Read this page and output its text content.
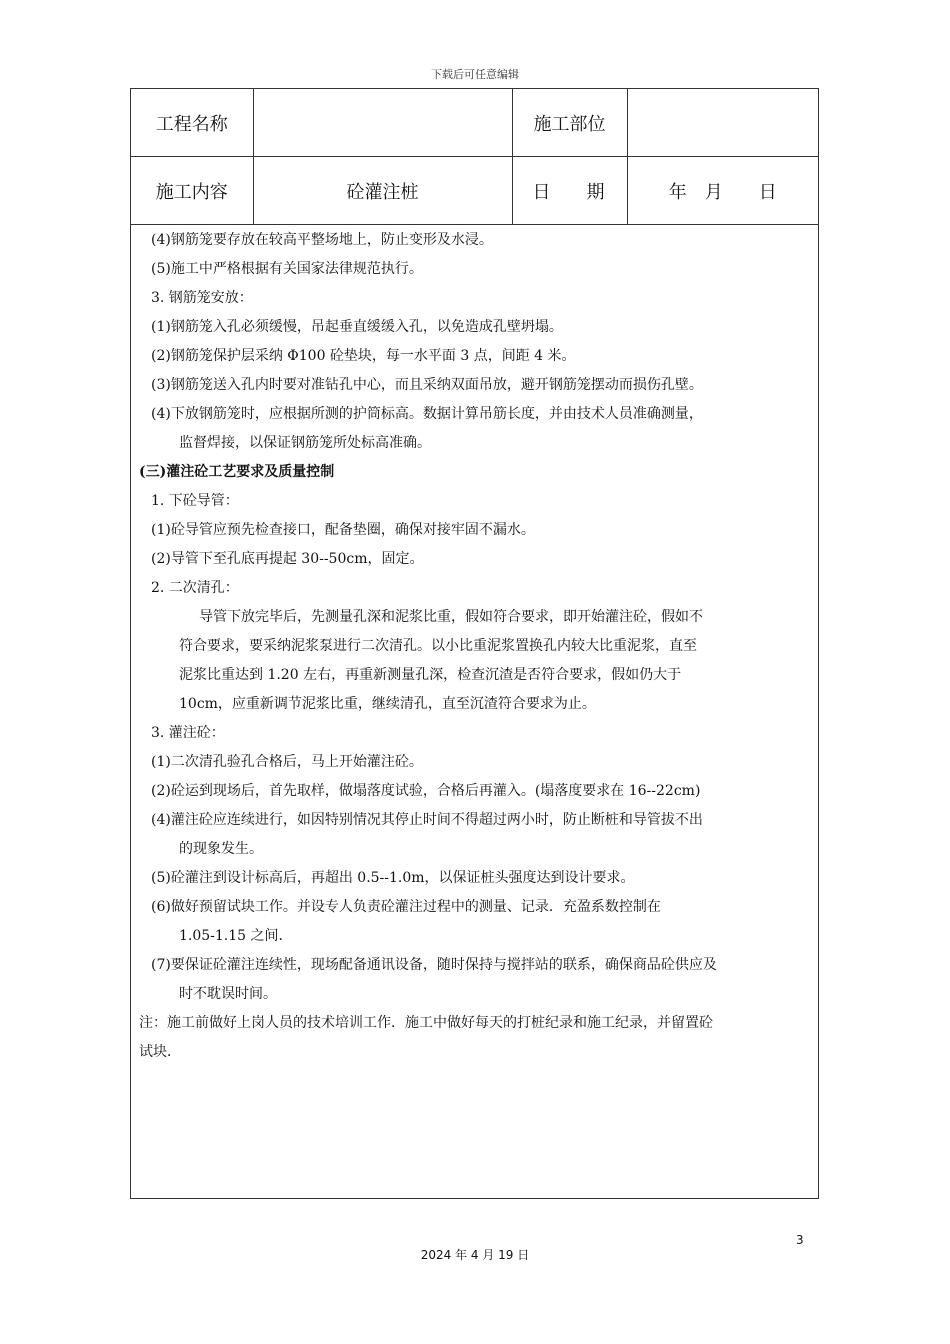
下载后可任意编辑
工程名称		施工部位	
施工内容	砼灌注桩	日　　期	年　月　　日
(4)钢筋笼要存放在较高平整场地上，防止变形及水浸。
(5)施工中严格根据有关国家法律规范执行。
3. 钢筋笼安放：
(1)钢筋笼入孔必须缓慢，吊起垂直缓缓入孔，以免造成孔壁坍塌。
(2)钢筋笼保护层采纳 Φ100 砼垫块，每一水平面 3 点，间距 4 米。
(3)钢筋笼送入孔内时要对准钻孔中心，而且采纳双面吊放，避开钢筋笼摆动而损伤孔壁。
(4)下放钢筋笼时，应根据所测的护筒标高。数据计算吊筋长度，并由技术人员准确测量，
监督焊接，以保证钢筋笼所处标高准确。
(三)灌注砼工艺要求及质量控制
1. 下砼导管：
(1)砼导管应预先检查接口，配备垫圈，确保对接牢固不漏水。
(2)导管下至孔底再提起 30--50cm，固定。
2. 二次清孔：
导管下放完毕后，先测量孔深和泥浆比重，假如符合要求，即开始灌注砼，假如不
符合要求，要采纳泥浆泵进行二次清孔。以小比重泥浆置换孔内较大比重泥浆，直至
泥浆比重达到 1.20 左右，再重新测量孔深，检查沉渣是否符合要求，假如仍大于
10cm，应重新调节泥浆比重，继续清孔，直至沉渣符合要求为止。
3. 灌注砼：
(1)二次清孔验孔合格后，马上开始灌注砼。
(2)砼运到现场后，首先取样，做塌落度试验，合格后再灌入。(塌落度要求在 16--22cm)
(4)灌注砼应连续进行，如因特别情况其停止时间不得超过两小时，防止断桩和导管拔不出
的现象发生。
(5)砼灌注到设计标高后，再超出 0.5--1.0m，以保证桩头强度达到设计要求。
(6)做好预留试块工作。并设专人负责砼灌注过程中的测量、记录．充盈系数控制在
1.05-1.15 之间．
(7)要保证砼灌注连续性，现场配备通讯设备，随时保持与搅拌站的联系，确保商品砼供应及
时不耽误时间。
注：施工前做好上岗人员的技术培训工作．施工中做好每天的打桩纪录和施工纪录，并留置砼
试块．
3
2024 年 4 月 19 日
